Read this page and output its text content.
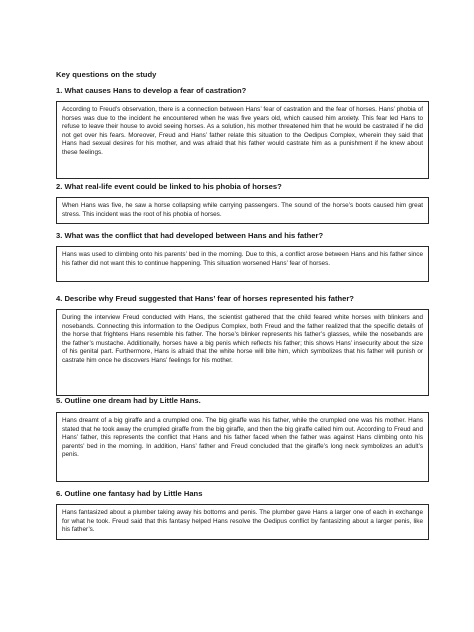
Key questions on the study
1. What causes Hans to develop a fear of castration?
According to Freud’s observation, there is a connection between Hans’ fear of castration and the fear of horses. Hans’ phobia of horses was due to the incident he encountered when he was five years old, which caused him anxiety. This fear led Hans to refuse to leave their house to avoid seeing horses. As a solution, his mother threatened him that he would be castrated if he did not get over his fears. Moreover, Freud and Hans’ father relate this situation to the Oedipus Complex, wherein they said that Hans had sexual desires for his mother, and was afraid that his father would castrate him as a punishment if he knew about these feelings.
2. What real-life event could be linked to his phobia of horses?
When Hans was five, he saw a horse collapsing while carrying passengers. The sound of the horse’s boots caused him great stress. This incident was the root of his phobia of horses.
3. What was the conflict that had developed between Hans and his father?
Hans was used to climbing onto his parents’ bed in the morning. Due to this, a conflict arose between Hans and his father since his father did not want this to continue happening. This situation worsened Hans’ fear of horses.
4. Describe why Freud suggested that Hans’ fear of horses represented his father?
During the interview Freud conducted with Hans, the scientist gathered that the child feared white horses with blinkers and nosebands. Connecting this information to the Oedipus Complex, both Freud and the father realized that the specific details of the horse that frightens Hans resemble his father. The horse’s blinker represents his father’s glasses, while the nosebands are the father’s mustache. Additionally, horses have a big penis which reflects his father; this shows Hans’ insecurity about the size of his genital part. Furthermore, Hans is afraid that the white horse will bite him, which symbolizes that his father will punish or castrate him once he discovers Hans’ feelings for his mother.
5. Outline one dream had by Little Hans.
Hans dreamt of a big giraffe and a crumpled one. The big giraffe was his father, while the crumpled one was his mother. Hans stated that he took away the crumpled giraffe from the big giraffe, and then the big giraffe called him out. According to Freud and Hans’ father, this represents the conflict that Hans and his father faced when the father was against Hans climbing onto his parents’ bed in the morning. In addition, Hans’ father and Freud concluded that the giraffe’s long neck symbolizes an adult’s penis.
6. Outline one fantasy had by Little Hans
Hans fantasized about a plumber taking away his bottoms and penis. The plumber gave Hans a larger one of each in exchange for what he took. Freud said that this fantasy helped Hans resolve the Oedipus conflict by fantasizing about a larger penis, like his father’s.
